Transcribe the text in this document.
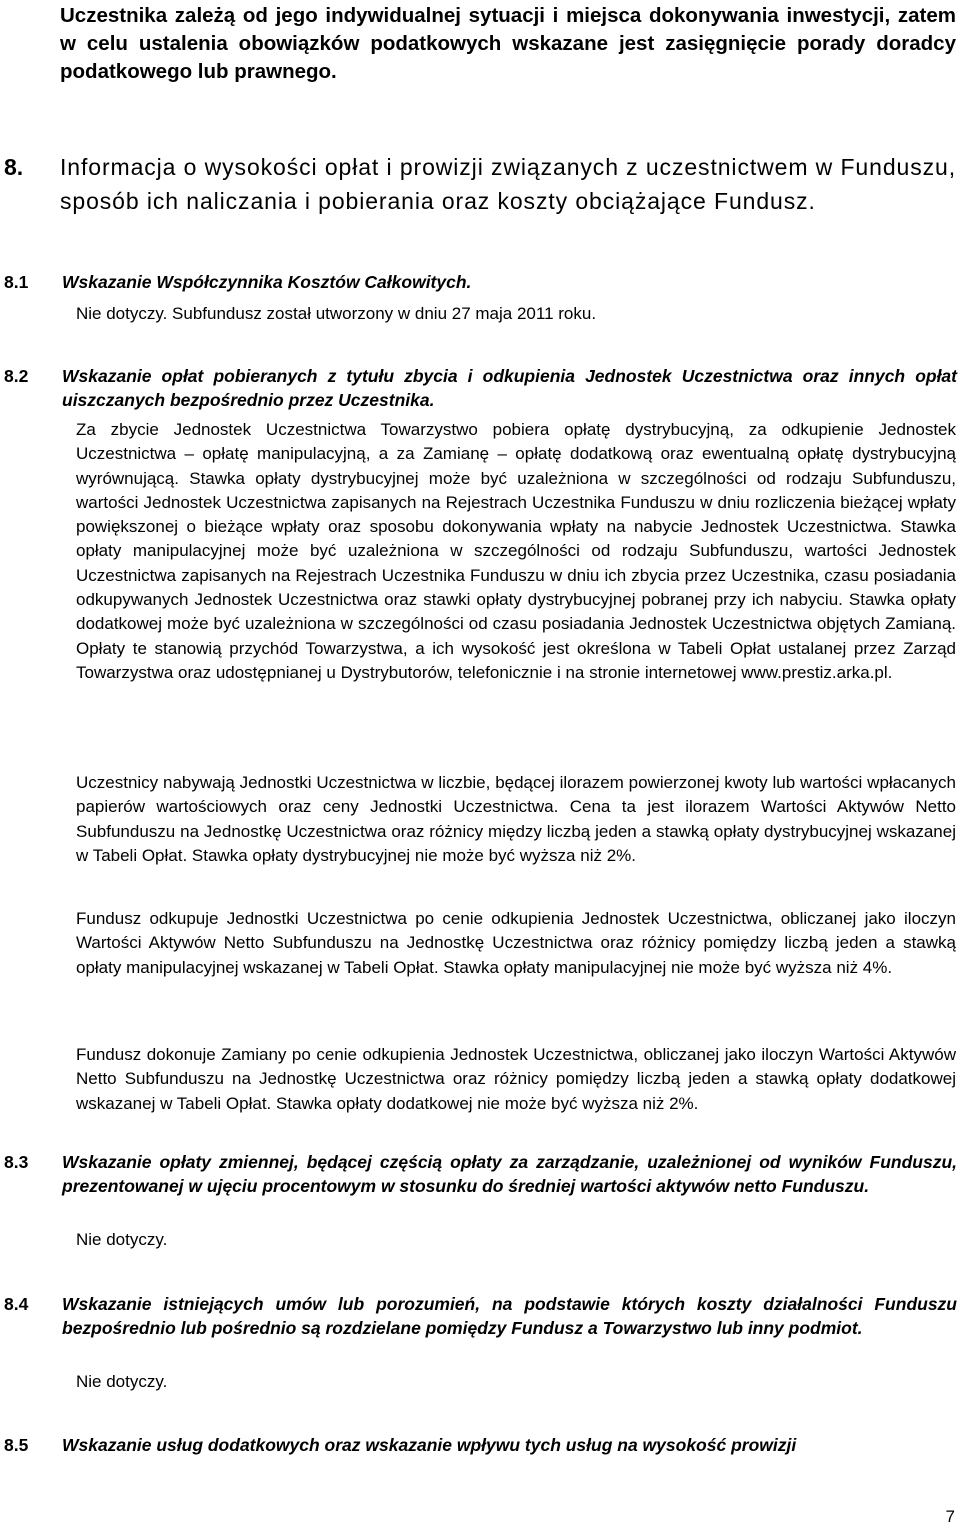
Uczestnika zależą od jego indywidualnej sytuacji i miejsca dokonywania inwestycji, zatem w celu ustalenia obowiązków podatkowych wskazane jest zasięgnięcie porady doradcy podatkowego lub prawnego.
8. Informacja o wysokości opłat i prowizji związanych z uczestnictwem w Funduszu, sposób ich naliczania i pobierania oraz koszty obciążające Fundusz.
8.1 Wskazanie Współczynnika Kosztów Całkowitych.
Nie dotyczy. Subfundusz został utworzony w dniu 27 maja 2011 roku.
8.2 Wskazanie opłat pobieranych z tytułu zbycia i odkupienia Jednostek Uczestnictwa oraz innych opłat uiszczanych bezpośrednio przez Uczestnika.
Za zbycie Jednostek Uczestnictwa Towarzystwo pobiera opłatę dystrybucyjną, za odkupienie Jednostek Uczestnictwa – opłatę manipulacyjną, a za Zamianę – opłatę dodatkową oraz ewentualną opłatę dystrybucyjną wyrównującą. Stawka opłaty dystrybucyjnej może być uzależniona w szczególności od rodzaju Subfunduszu, wartości Jednostek Uczestnictwa zapisanych na Rejestrach Uczestnika Funduszu w dniu rozliczenia bieżącej wpłaty powiększonej o bieżące wpłaty oraz sposobu dokonywania wpłaty na nabycie Jednostek Uczestnictwa. Stawka opłaty manipulacyjnej może być uzależniona w szczególności od rodzaju Subfunduszu, wartości Jednostek Uczestnictwa zapisanych na Rejestrach Uczestnika Funduszu w dniu ich zbycia przez Uczestnika, czasu posiadania odkupywanych Jednostek Uczestnictwa oraz stawki opłaty dystrybucyjnej pobranej przy ich nabyciu. Stawka opłaty dodatkowej może być uzależniona w szczególności od czasu posiadania Jednostek Uczestnictwa objętych Zamianą. Opłaty te stanowią przychód Towarzystwa, a ich wysokość jest określona w Tabeli Opłat ustalanej przez Zarząd Towarzystwa oraz udostępnianej u Dystrybutorów, telefonicznie i na stronie internetowej www.prestiz.arka.pl.
Uczestnicy nabywają Jednostki Uczestnictwa w liczbie, będącej ilorazem powierzonej kwoty lub wartości wpłacanych papierów wartościowych oraz ceny Jednostki Uczestnictwa. Cena ta jest ilorazem Wartości Aktywów Netto Subfunduszu na Jednostkę Uczestnictwa oraz różnicy między liczbą jeden a stawką opłaty dystrybucyjnej wskazanej w Tabeli Opłat. Stawka opłaty dystrybucyjnej nie może być wyższa niż 2%.
Fundusz odkupuje Jednostki Uczestnictwa po cenie odkupienia Jednostek Uczestnictwa, obliczanej jako iloczyn Wartości Aktywów Netto Subfunduszu na Jednostkę Uczestnictwa oraz różnicy pomiędzy liczbą jeden a stawką opłaty manipulacyjnej wskazanej w Tabeli Opłat. Stawka opłaty manipulacyjnej nie może być wyższa niż 4%.
Fundusz dokonuje Zamiany po cenie odkupienia Jednostek Uczestnictwa, obliczanej jako iloczyn Wartości Aktywów Netto Subfunduszu na Jednostkę Uczestnictwa oraz różnicy pomiędzy liczbą jeden a stawką opłaty dodatkowej wskazanej w Tabeli Opłat. Stawka opłaty dodatkowej nie może być wyższa niż 2%.
8.3 Wskazanie opłaty zmiennej, będącej częścią opłaty za zarządzanie, uzależnionej od wyników Funduszu, prezentowanej w ujęciu procentowym w stosunku do średniej wartości aktywów netto Funduszu.
Nie dotyczy.
8.4 Wskazanie istniejących umów lub porozumień, na podstawie których koszty działalności Funduszu bezpośrednio lub pośrednio są rozdzielane pomiędzy Fundusz a Towarzystwo lub inny podmiot.
Nie dotyczy.
8.5 Wskazanie usług dodatkowych oraz wskazanie wpływu tych usług na wysokość prowizji
7
